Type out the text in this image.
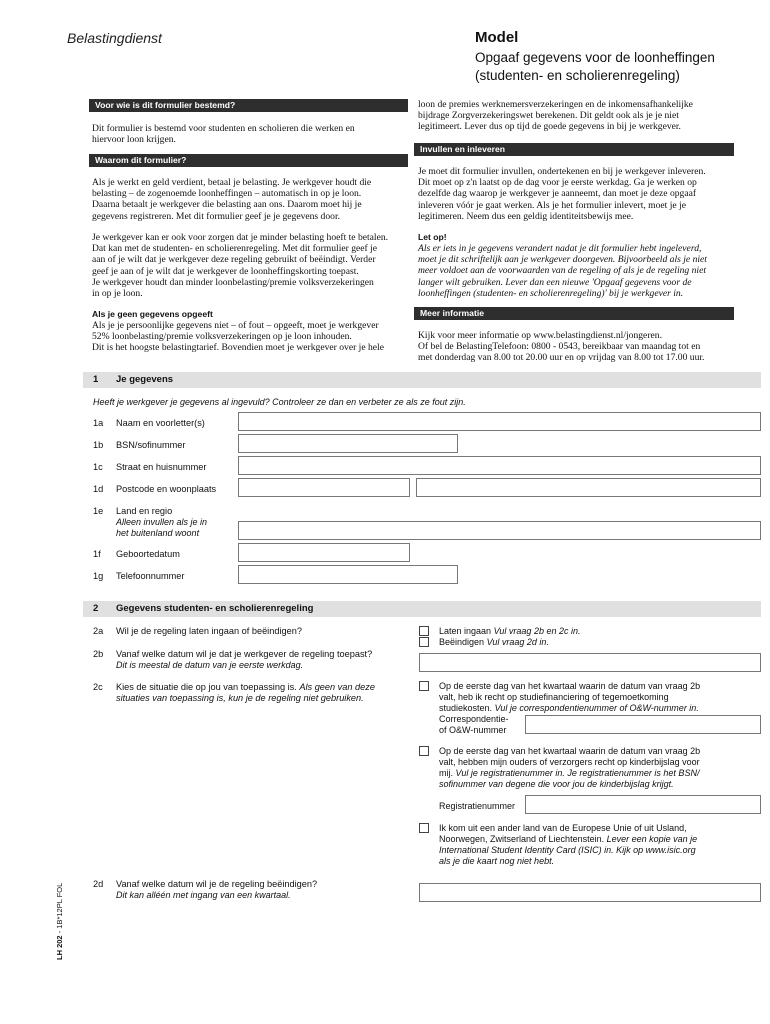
Belastingdienst	Model
Opgaaf gegevens voor de loonheffingen
(studenten- en scholierenregeling)
Voor wie is dit formulier bestemd?
Dit formulier is bestemd voor studenten en scholieren die werken en
hiervoor loon krijgen.
Waarom dit formulier?
Als je werkt en geld verdient, betaal je belasting. Je werkgever houdt die
belasting – de zogenoemde loonheffingen – automatisch in op je loon.
Daarna betaalt je werkgever die belasting aan ons. Daarom moet hij je
gegevens registreren. Met dit formulier geef je je gegevens door.
Je werkgever kan er ook voor zorgen dat je minder belasting hoeft te betalen.
Dat kan met de studenten- en scholierenregeling. Met dit formulier geef je
aan of je wilt dat je werkgever deze regeling gebruikt of beëindigt. Verder
geef je aan of je wilt dat je werkgever de loonheffingskorting toepast.
Je werkgever houdt dan minder loonbelasting/premie volksverzekeringen
in op je loon.
Als je geen gegevens opgeeft
Als je je persoonlijke gegevens niet – of fout – opgeeft, moet je werkgever
52% loonbelasting/premie volksverzekeringen op je loon inhouden.
Dit is het hoogste belastingtarief. Bovendien moet je werkgever over je hele
loon de premies werknemersverzekeringen en de inkomensafhankelijke
bijdrage Zorgverzekeringswet berekenen. Dit geldt ook als je je niet
legitimeert. Lever dus op tijd de goede gegevens in bij je werkgever.
Invullen en inleveren
Je moet dit formulier invullen, ondertekenen en bij je werkgever inleveren.
Dit moet op z'n laatst op de dag voor je eerste werkdag. Ga je werken op
dezelfde dag waarop je werkgever je aanneemt, dan moet je deze opgaaf
inleveren vóór je gaat werken. Als je het formulier inlevert, moet je je
legitimeren. Neem dus een geldig identiteitsbewijs mee.
Let op!
Als er iets in je gegevens verandert nadat je dit formulier hebt ingeleverd,
moet je dit schriftelijk aan je werkgever doorgeven. Bijvoorbeeld als je niet
meer voldoet aan de voorwaarden van de regeling of als je de regeling niet
langer wilt gebruiken. Lever dan een nieuwe 'Opgaaf gegevens voor de
loonheffingen (studenten- en scholierenregeling)' bij je werkgever in.
Meer informatie
Kijk voor meer informatie op www.belastingdienst.nl/jongeren.
Of bel de BelastingTelefoon: 0800 - 0543, bereikbaar van maandag tot en
met donderdag van 8.00 tot 20.00 uur en op vrijdag van 8.00 tot 17.00 uur.
1 Je gegevens
Heeft je werkgever je gegevens al ingevuld? Controleer ze dan en verbeter ze als ze fout zijn.
1a Naam en voorletter(s)
1b BSN/sofinummer
1c Straat en huisnummer
1d Postcode en woonplaats
1e Land en regio
Alleen invullen als je in
het buitenland woont
1f Geboortedatum
1g Telefoonnummer
2 Gegevens studenten- en scholierenregeling
2a Wil je de regeling laten ingaan of beëindigen?	Laten ingaan Vul vraag 2b en 2c in.
Beëindigen Vul vraag 2d in.
2b Vanaf welke datum wil je dat je werkgever de regeling toepast?
Dit is meestal de datum van je eerste werkdag.
2c Kies de situatie die op jou van toepassing is. Als geen van deze
situaties van toepassing is, kun je de regeling niet gebruiken.
Op de eerste dag van het kwartaal waarin de datum van vraag 2b
valt, heb ik recht op studiefinanciering of tegemoetkoming
studiekosten. Vul je correspondentienummer of O&W-nummer in.
Correspondentie-
of O&W-nummer
Op de eerste dag van het kwartaal waarin de datum van vraag 2b
valt, hebben mijn ouders of verzorgers recht op kinderbijslag voor
mij. Vul je registratienummer in. Je registratienummer is het BSN/
sofinummer van degene die voor jou de kinderbijslag krijgt.
Registratienummer
Ik kom uit een ander land van de Europese Unie of uit Usland,
Noorwegen, Zwitserland of Liechtenstein. Lever een kopie van je
International Student Identity Card (ISIC) in. Kijk op www.isic.org
als je die kaart nog niet hebt.
2d Vanaf welke datum wil je de regeling beëindigen?
Dit kan alléén met ingang van een kwartaal.
LH 202 - 1B*12PL FOL
